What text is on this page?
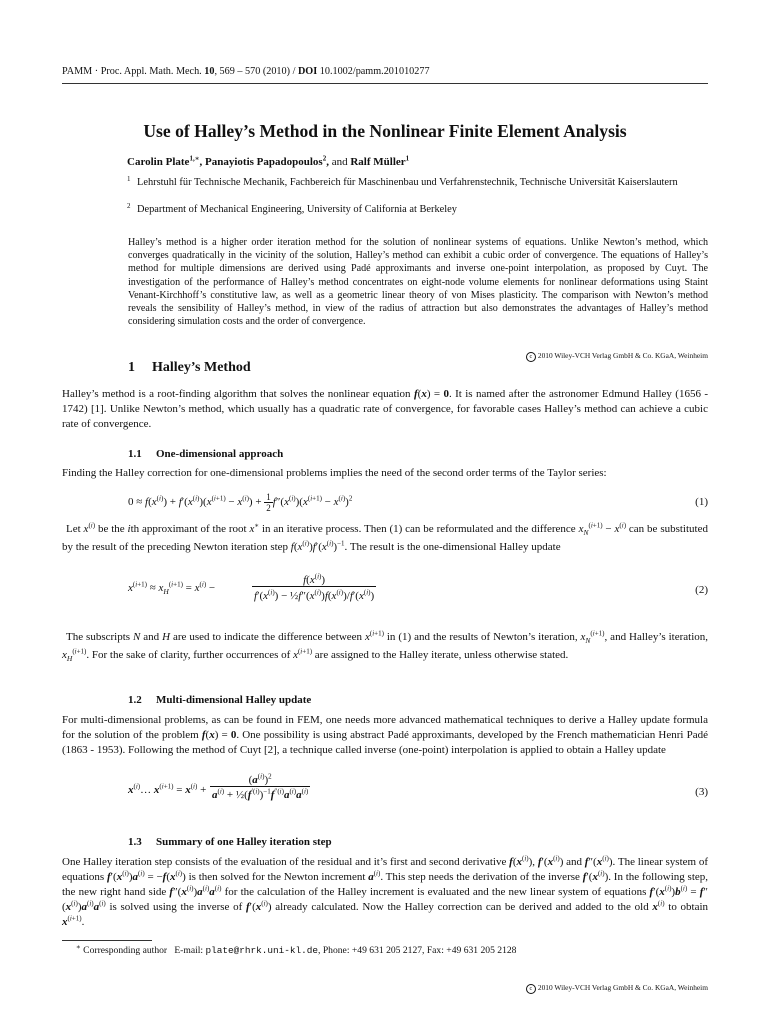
PAMM · Proc. Appl. Math. Mech. 10, 569 – 570 (2010) / DOI 10.1002/pamm.201010277
Use of Halley’s Method in the Nonlinear Finite Element Analysis
Carolin Plate$^{1,∗}$, Panayiotis Papadopoulos$^2$, and Ralf Müller$^1$
1 Lehrstuhl für Technische Mechanik, Fachbereich für Maschinenbau und Verfahrenstechnik, Technische Universität Kaiserslautern
2 Department of Mechanical Engineering, University of California at Berkeley
Halley’s method is a higher order iteration method for the solution of nonlinear systems of equations. Unlike Newton’s method, which converges quadratically in the vicinity of the solution, Halley’s method can exhibit a cubic order of convergence. The equations of Halley’s method for multiple dimensions are derived using Padé approximants and inverse one-point interpolation, as proposed by Cuyt. The investigation of the performance of Halley’s method concentrates on eight-node volume elements for nonlinear deformations using Staint Venant-Kirchhoff’s constitutive law, as well as a geometric linear theory of von Mises plasticity. The comparison with Newton’s method reveals the sensibility of Halley’s method, in view of the radius of attraction but also demonstrates the advantages of Halley’s method considering simulation costs and the order of convergence.
c 2010 Wiley-VCH Verlag GmbH & Co. KGaA, Weinheim
1 Halley’s Method
Halley’s method is a root-finding algorithm that solves the nonlinear equation f(x) = 0. It is named after the astronomer Edmund Halley (1656 - 1742) [1]. Unlike Newton’s method, which usually has a quadratic rate of convergence, for favorable cases Halley’s method can achieve a cubic rate of convergence.
1.1 One-dimensional approach
Finding the Halley correction for one-dimensional problems implies the need of the second order terms of the Taylor series:
$0 \approx f(x^{(i)}) + f'(x^{(i)})(x^{(i+1)} - x^{(i)}) + \frac{1}{2} f''(x^{(i)})(x^{(i+1)} - x^{(i)})^2$	(1)
Let $x^{(i)}$ be the ith approximant of the root x∗ in an iterative process. Then (1) can be reformulated and the difference $x_N^{(i+1)} - x^{(i)}$ can be substituted by the result of the preceding Newton iteration step $f(x^{(i)})f'(x^{(i)})^{-1}$. The result is the one-dimensional Halley update
$x^{(i+1)} \approx x_H^{(i+1)} = x^{(i)}$ −	$\frac{f(x^{(i)})}{f'(x^{(i)}) - \frac{1}{2}f''(x^{(i)})f(x^{(i)})/f'(x^{(i)})}$	(2)
The subscripts N and H are used to indicate the difference between $x^{(i+1)}$ in (1) and the results of Newton’s iteration, $x_N^{(i+1)}$, and Halley’s iteration, $x_H^{(i+1)}$. For the sake of clarity, further occurrences of $x^{(i+1)}$ are assigned to the Halley iterate, unless otherwise stated.
1.2 Multi-dimensional Halley update
For multi-dimensional problems, as can be found in FEM, one needs more advanced mathematical techniques to derive a Halley update formula for the solution of the problem f(x) = 0. One possibility is using abstract Padé approximants, developed by the French mathematician Henri Padé (1863 - 1953). Following the method of Cuyt [2], a technique called inverse (one-point) interpolation is applied to obtain a Halley update
$x^{(i)}\dots$ $x^{(i+1)} = x^{(i)} + \frac{(a^{(i)})^2}{a^{(i)} + \frac{1}{2}(f^{'(i)})^{-1}f^{''(i)}a^{(i)}a^{(i)}}$	(3)
1.3 Summary of one Halley iteration step
One Halley iteration step consists of the evaluation of the residual and it’s first and second derivative $f(x^{(i)})$, $f'(x^{(i)})$ and $f''(x^{(i)})$. The linear system of equations $f'(x^{(i)})a^{(i)} = -f(x^{(i)})$ is then solved for the Newton increment $a^{(i)}$. This step needs the derivation of the inverse $f'(x^{(i)})$. In the following step, the new right hand side $f''(x^{(i)})a^{(i)}a^{(i)}$ for the calculation of the Halley increment is evaluated and the new linear system of equations $f'(x^{(i)})b^{(i)} = f''(x^{(i)})a^{(i)}a^{(i)}$ is solved using the inverse of $f'(x^{(i)})$ already calculated. Now the Halley correction can be derived and added to the old $x^{(i)}$ to obtain $x^{(i+1)}$.
∗ Corresponding author E-mail: plate@rhrk.uni-kl.de, Phone: +49 631 205 2127, Fax: +49 631 205 2128
c 2010 Wiley-VCH Verlag GmbH & Co. KGaA, Weinheim
